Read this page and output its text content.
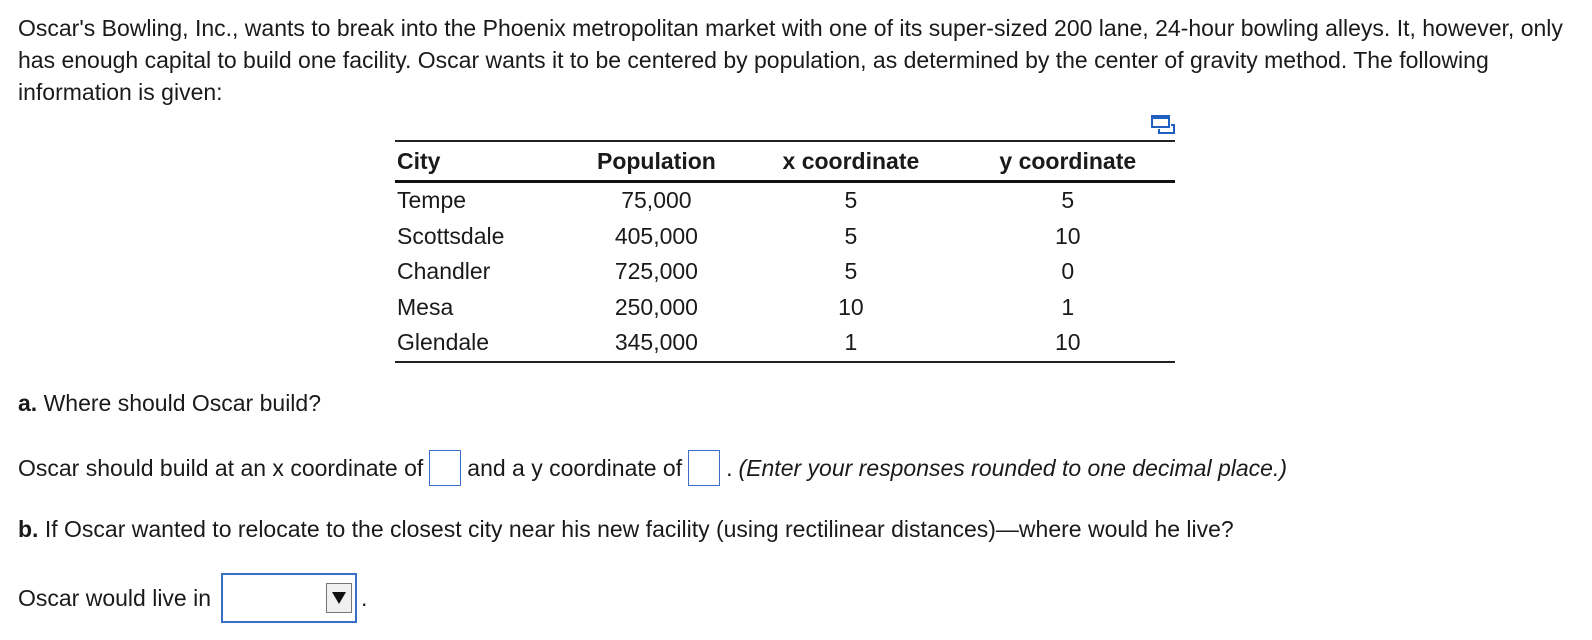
Oscar's Bowling, Inc., wants to break into the Phoenix metropolitan market with one of its super-sized 200 lane, 24-hour bowling alleys. It, however, only has enough capital to build one facility. Oscar wants it to be centered by population, as determined by the center of gravity method. The following information is given:

City	Population	x coordinate	y coordinate
Tempe	75,000	5	5
Scottsdale	405,000	5	10
Chandler	725,000	5	0
Mesa	250,000	10	1
Glendale	345,000	1	10

a. Where should Oscar build?

Oscar should build at an x coordinate of and a y coordinate of . (Enter your responses rounded to one decimal place.)

b. If Oscar wanted to relocate to the closest city near his new facility (using rectilinear distances)—where would he live?

Oscar would live in	.
